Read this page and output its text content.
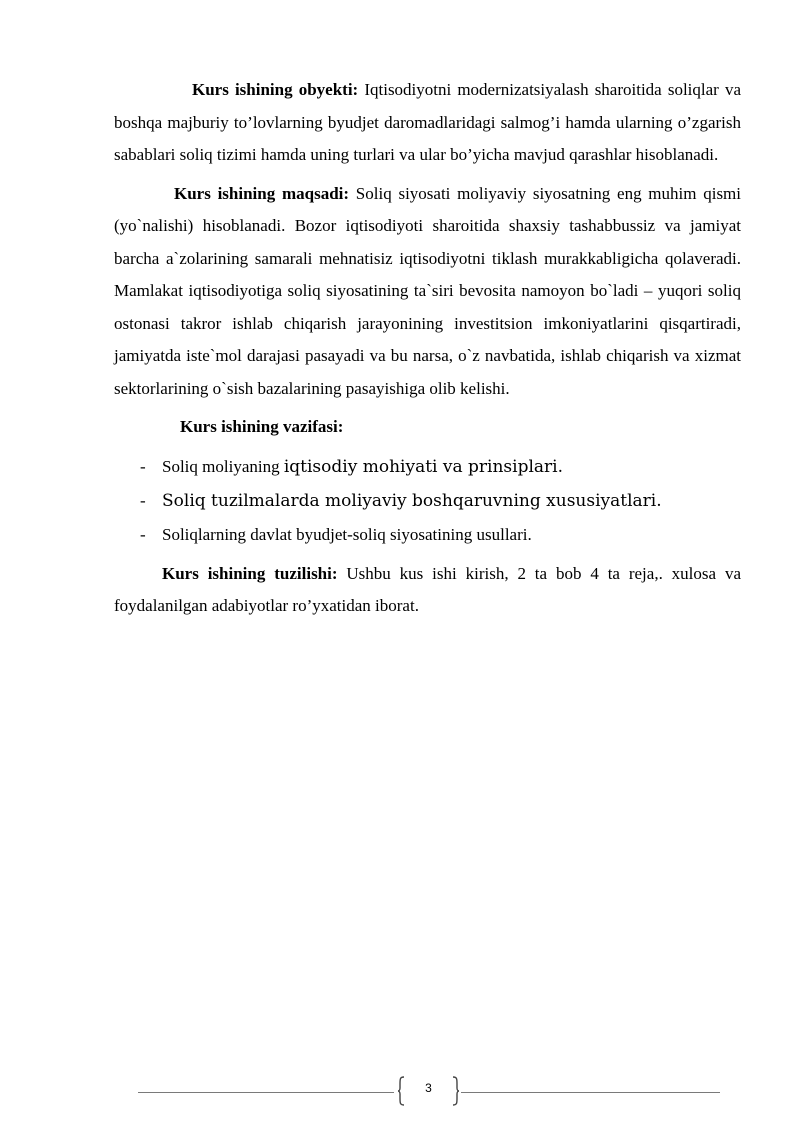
Kurs ishining obyekti: Iqtisodiyotni modernizatsiyalash sharoitida soliqlar va boshqa majburiy to’lovlarning byudjet daromadlaridagi salmog’i hamda ularning o’zgarish sabablari soliq tizimi hamda uning turlari va ular bo’yicha mavjud qarashlar hisoblanadi.

Kurs ishining maqsadi: Soliq siyosati moliyaviy siyosatning eng muhim qismi (yo`nalishi) hisoblanadi. Bozor iqtisodiyoti sharoitida shaxsiy tashabbussiz va jamiyat barcha a`zolarining samarali mehnatisiz iqtisodiyotni tiklash murakkabligicha qolaveradi. Mamlakat iqtisodiyotiga soliq siyosatining ta`siri bevosita namoyon bo`ladi – yuqori soliq ostonasi takror ishlab chiqarish jarayonining investitsion imkoniyatlarini qisqartiradi, jamiyatda iste`mol darajasi pasayadi va bu narsa, o`z navbatida, ishlab chiqarish va xizmat sektorlarining o`sish bazalarining pasayishiga olib kelishi.

Kurs ishining vazifasi:

- Soliq moliyaning iqtisodiy mohiyati va prinsiplari.
- Soliq tuzilmalarda moliyaviy boshqaruvning xususiyatlari.
- Soliqlarning davlat byudjet-soliq siyosatining usullari.

Kurs ishining tuzilishi: Ushbu kus ishi kirish, 2 ta bob 4 ta reja,. xulosa va foydalanilgan adabiyotlar ro’yxatidan iborat.

3
